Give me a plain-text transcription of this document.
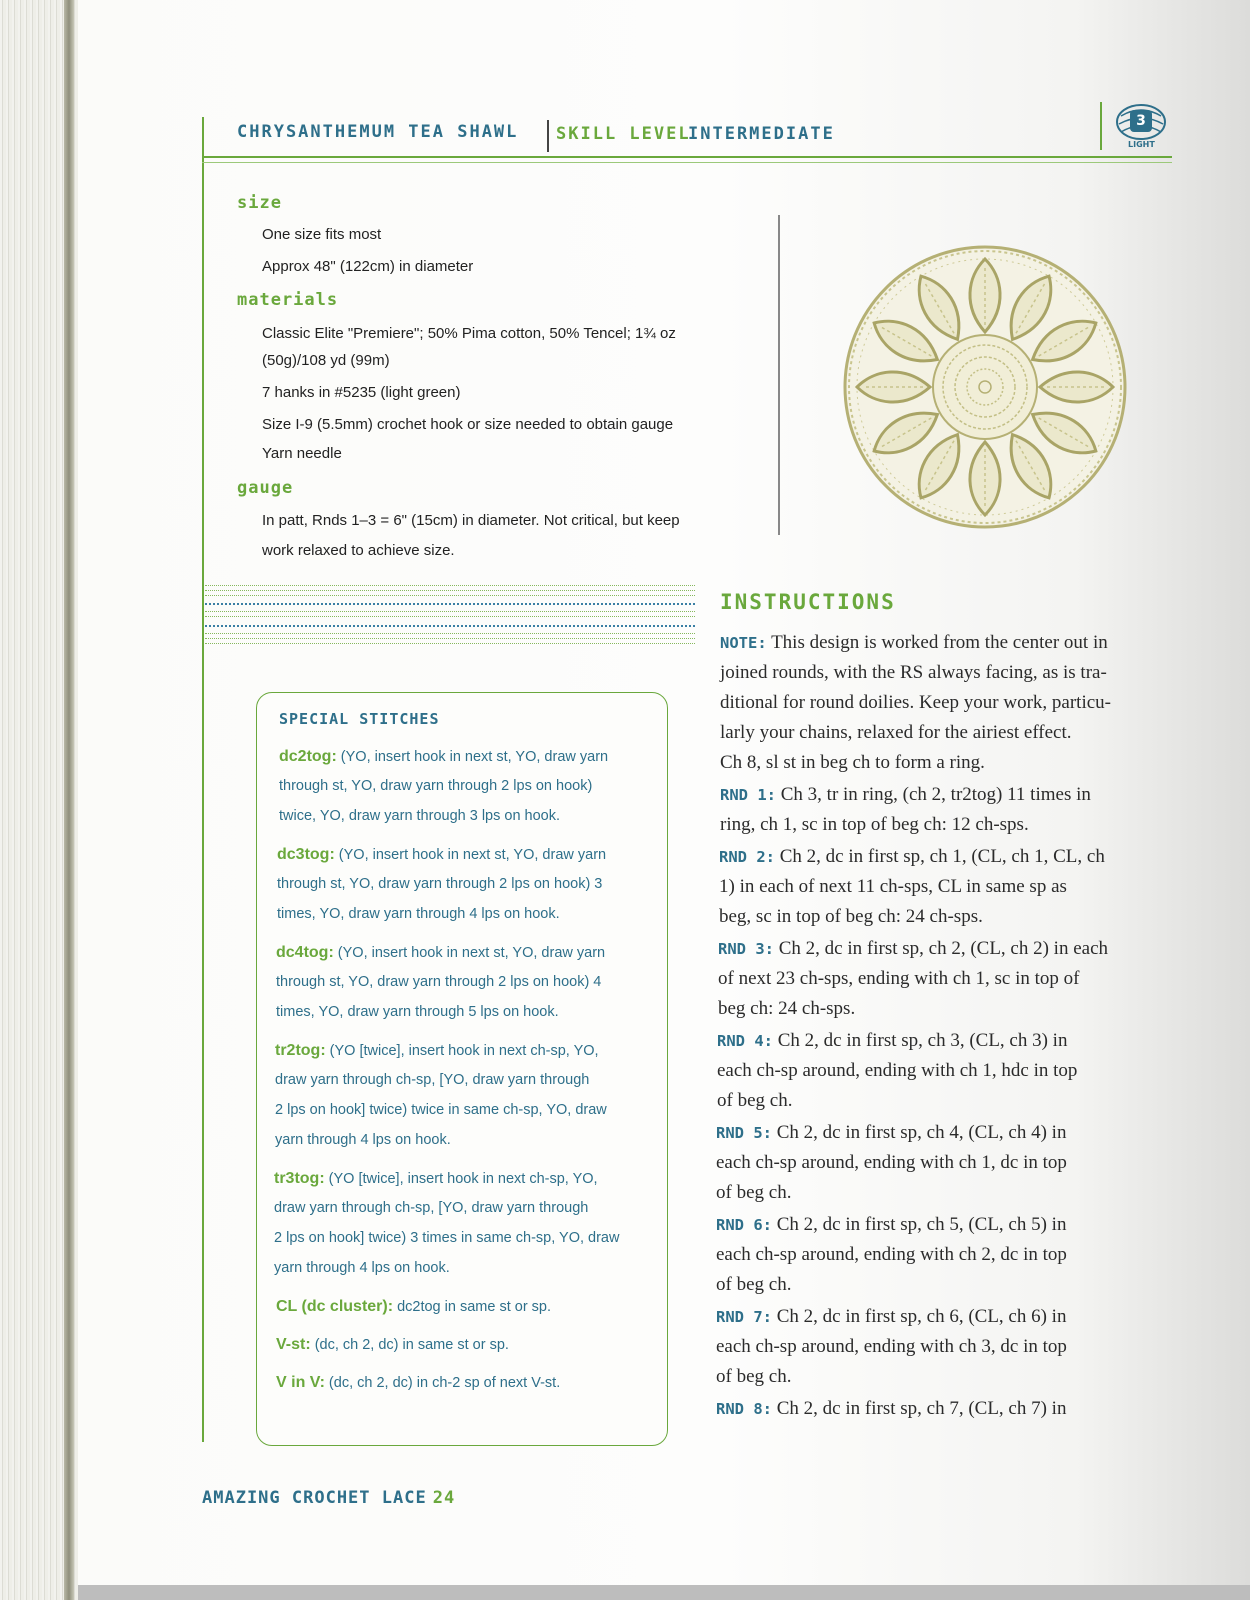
CHRYSANTHEMUM TEA SHAWL SKILL LEVEL
INTERMEDIATE
3
LIGHT
size
One size fits most
Approx 48" (122cm) in diameter
materials
Classic Elite "Premiere"; 50% Pima cotton, 50% Tencel; 1¾ oz
(50g)/108 yd (99m)
7 hanks in #5235 (light green)
Size I-9 (5.5mm) crochet hook or size needed to obtain gauge
Yarn needle
gauge
In patt, Rnds 1–3 = 6" (15cm) in diameter. Not critical, but keep
work relaxed to achieve size.
SPECIAL STITCHES
dc2tog: (YO, insert hook in next st, YO, draw yarn
through st, YO, draw yarn through 2 lps on hook)
twice, YO, draw yarn through 3 lps on hook.
dc3tog: (YO, insert hook in next st, YO, draw yarn
through st, YO, draw yarn through 2 lps on hook) 3
times, YO, draw yarn through 4 lps on hook.
dc4tog: (YO, insert hook in next st, YO, draw yarn
through st, YO, draw yarn through 2 lps on hook) 4
times, YO, draw yarn through 5 lps on hook.
tr2tog: (YO [twice], insert hook in next ch-sp, YO,
draw yarn through ch-sp, [YO, draw yarn through
2 lps on hook] twice) twice in same ch-sp, YO, draw
yarn through 4 lps on hook.
tr3tog: (YO [twice], insert hook in next ch-sp, YO,
draw yarn through ch-sp, [YO, draw yarn through
2 lps on hook] twice) 3 times in same ch-sp, YO, draw
yarn through 4 lps on hook.
CL (dc cluster): dc2tog in same st or sp.
V-st: (dc, ch 2, dc) in same st or sp.
V in V: (dc, ch 2, dc) in ch-2 sp of next V-st.
INSTRUCTIONS
NOTE: This design is worked from the center out in
joined rounds, with the RS always facing, as is tra-
ditional for round doilies. Keep your work, particu-
larly your chains, relaxed for the airiest effect.
Ch 8, sl st in beg ch to form a ring.
RND 1: Ch 3, tr in ring, (ch 2, tr2tog) 11 times in
ring, ch 1, sc in top of beg ch: 12 ch-sps.
RND 2: Ch 2, dc in first sp, ch 1, (CL, ch 1, CL, ch
1) in each of next 11 ch-sps, CL in same sp as
beg, sc in top of beg ch: 24 ch-sps.
RND 3: Ch 2, dc in first sp, ch 2, (CL, ch 2) in each
of next 23 ch-sps, ending with ch 1, sc in top of
beg ch: 24 ch-sps.
RND 4: Ch 2, dc in first sp, ch 3, (CL, ch 3) in
each ch-sp around, ending with ch 1, hdc in top
of beg ch.
RND 5: Ch 2, dc in first sp, ch 4, (CL, ch 4) in
each ch-sp around, ending with ch 1, dc in top
of beg ch.
RND 6: Ch 2, dc in first sp, ch 5, (CL, ch 5) in
each ch-sp around, ending with ch 2, dc in top
of beg ch.
RND 7: Ch 2, dc in first sp, ch 6, (CL, ch 6) in
each ch-sp around, ending with ch 3, dc in top
of beg ch.
RND 8: Ch 2, dc in first sp, ch 7, (CL, ch 7) in
AMAZING CROCHET LACE 24
